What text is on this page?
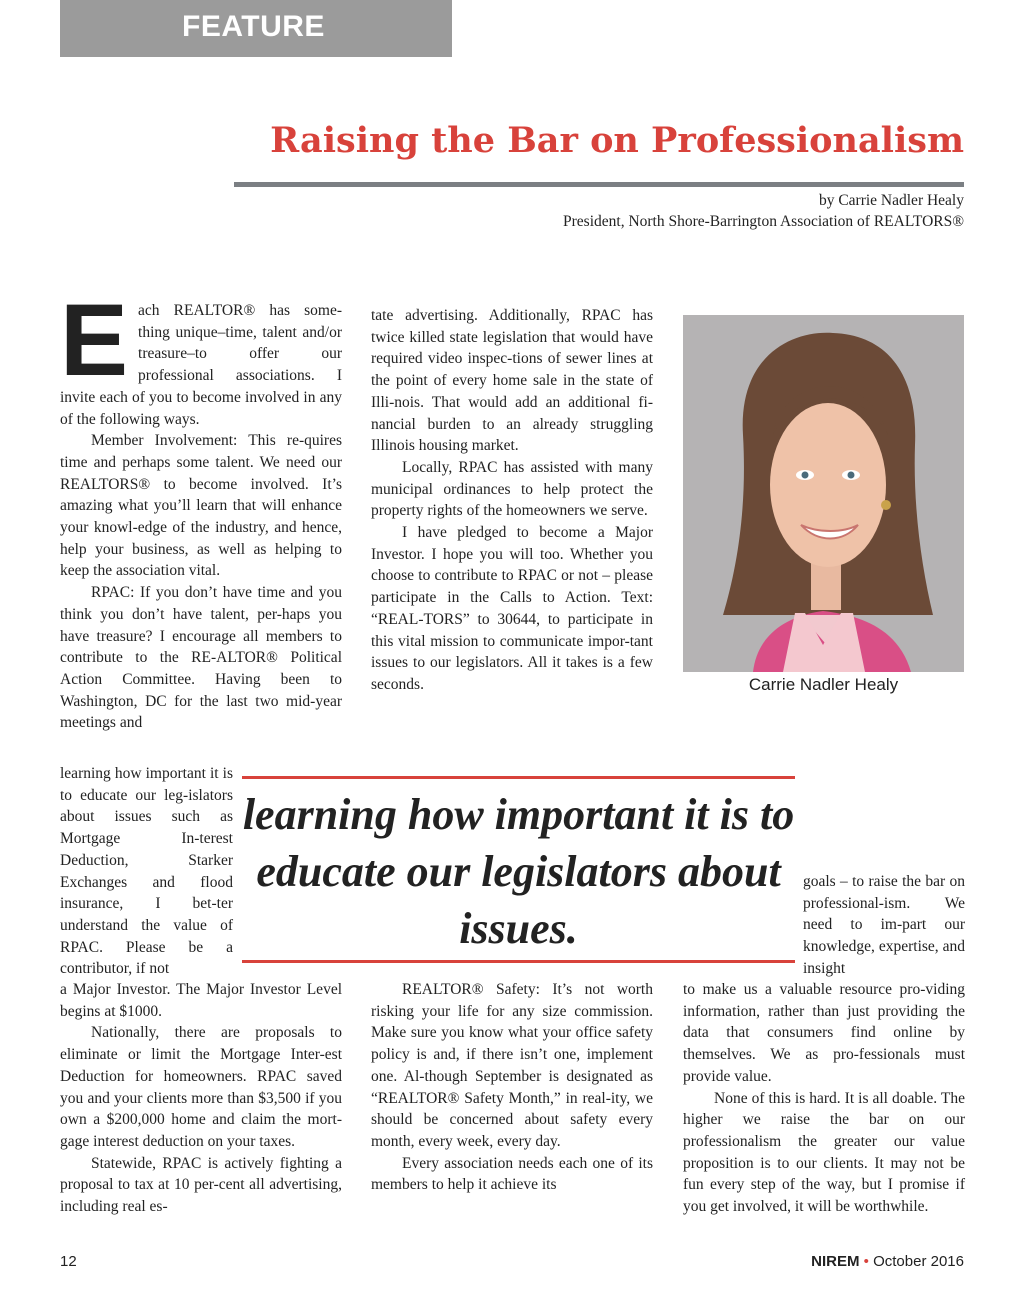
FEATURE
Raising the Bar on Professionalism
by Carrie Nadler Healy
President, North Shore-Barrington Association of REALTORS®

E ach REALTOR® has some-thing unique–time, talent and/or treasure–to offer our professional associations. I invite each of you to become involved in any of the following ways.

Member Involvement: This re-quires time and perhaps some talent. We need our REALTORS® to become involved. It’s amazing what you’ll learn that will enhance your knowl-edge of the industry, and hence, help your business, as well as helping to keep the association vital.

RPAC: If you don’t have time and you think you don’t have talent, per-haps you have treasure? I encourage all members to contribute to the RE-ALTOR® Political Action Committee. Having been to Washington, DC for the last two mid-year meetings and

learning how important it is to educate our leg-islators about issues such as Mortgage In-terest Deduction, Starker Exchanges and flood insurance, I bet-ter understand the value of RPAC. Please be a contributor, if not

a Major Investor. The Major Investor Level begins at $1000.

Nationally, there are proposals to eliminate or limit the Mortgage Inter-est Deduction for homeowners. RPAC saved you and your clients more than $3,500 if you own a $200,000 home and claim the mort-gage interest deduction on your taxes.

Statewide, RPAC is actively fighting a proposal to tax at 10 per-cent all advertising, including real es-

tate advertising. Additionally, RPAC has twice killed state legislation that would have required video inspec-tions of sewer lines at the point of every home sale in the state of Illi-nois. That would add an additional fi-nancial burden to an already struggling Illinois housing market.

Locally, RPAC has assisted with many municipal ordinances to help protect the property rights of the homeowners we serve.

I have pledged to become a Major Investor. I hope you will too. Whether you choose to contribute to RPAC or not – please participate in the Calls to Action. Text: “REAL-TORS” to 30644, to participate in this vital mission to communicate impor-tant issues to our legislators. All it takes is a few seconds.

REALTOR® Safety: It’s not worth risking your life for any size commission. Make sure you know what your office safety policy is and, if there isn’t one, implement one. Al-though September is designated as “REALTOR® Safety Month,” in real-ity, we should be concerned about safety every month, every week, every day.

Every association needs each one of its members to help it achieve its

goals – to raise the bar on professional-ism. We need to im-part our knowledge, expertise, and insight

to make us a valuable resource pro-viding information, rather than just providing the data that consumers find online by themselves. We as pro-fessionals must provide value.

None of this is hard. It is all doable. The higher we raise the bar on our professionalism the greater our value proposition is to our clients. It may not be fun every step of the way, but I promise if you get involved, it will be worthwhile.

Carrie Nadler Healy
learning how important it is to educate our legislators about issues.
12	NIREM • October 2016
